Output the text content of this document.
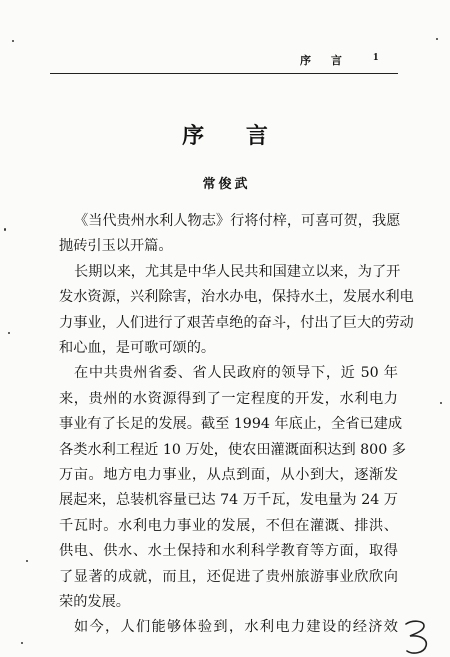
序 言 1
序 言
常俊武
《当代贵州水利人物志》行将付梓，可喜可贺，我愿
抛砖引玉以开篇。
长期以来，尤其是中华人民共和国建立以来，为了开
发水资源，兴利除害，治水办电，保持水土，发展水利电
力事业，人们进行了艰苦卓绝的奋斗，付出了巨大的劳动
和心血，是可歌可颂的。
在中共贵州省委、省人民政府的领导下，近 50 年
来，贵州的水资源得到了一定程度的开发，水利电力
事业有了长足的发展。截至 1994 年底止，全省已建成
各类水利工程近 10 万处，使农田灌溉面积达到 800 多
万亩。地方电力事业，从点到面，从小到大，逐渐发
展起来，总装机容量已达 74 万千瓦，发电量为 24 万
千瓦时。水利电力事业的发展，不但在灌溉、排洪、
供电、供水、水土保持和水利科学教育等方面，取得
了显著的成就，而且，还促进了贵州旅游事业欣欣向
荣的发展。
如今，人们能够体验到，水利电力建设的经济效
